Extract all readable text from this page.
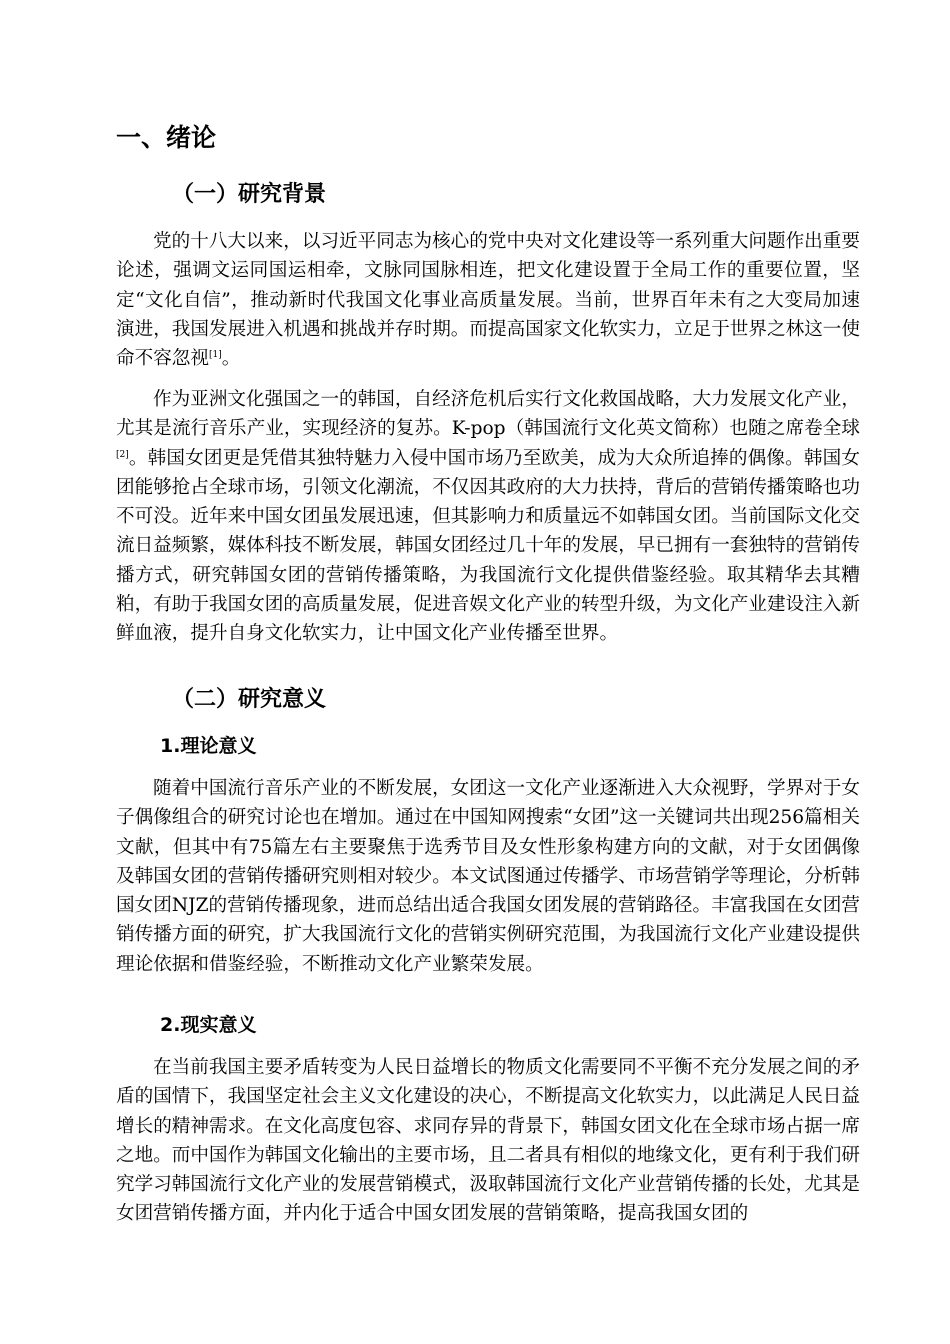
一、绪论
（一）研究背景

党的十八大以来，以习近平同志为核心的党中央对文化建设等一系列重大问题作出重要论述，强调文运同国运相牵，文脉同国脉相连，把文化建设置于全局工作的重要位置，坚定“文化自信”，推动新时代我国文化事业高质量发展。当前，世界百年未有之大变局加速演进，我国发展进入机遇和挑战并存时期。而提高国家文化软实力，立足于世界之林这一使命不容忽视[1]。

作为亚洲文化强国之一的韩国，自经济危机后实行文化救国战略，大力发展文化产业，尤其是流行音乐产业，实现经济的复苏。K-pop（韩国流行文化英文简称）也随之席卷全球[2]。韩国女团更是凭借其独特魅力入侵中国市场乃至欧美，成为大众所追捧的偶像。韩国女团能够抢占全球市场，引领文化潮流，不仅因其政府的大力扶持，背后的营销传播策略也功不可没。近年来中国女团虽发展迅速，但其影响力和质量远不如韩国女团。当前国际文化交流日益频繁，媒体科技不断发展，韩国女团经过几十年的发展，早已拥有一套独特的营销传播方式，研究韩国女团的营销传播策略，为我国流行文化提供借鉴经验。取其精华去其糟粕，有助于我国女团的高质量发展，促进音娱文化产业的转型升级，为文化产业建设注入新鲜血液，提升自身文化软实力，让中国文化产业传播至世界。

（二）研究意义
1.理论意义

随着中国流行音乐产业的不断发展，女团这一文化产业逐渐进入大众视野，学界对于女子偶像组合的研究讨论也在增加。通过在中国知网搜索“女团”这一关键词共出现256篇相关文献，但其中有75篇左右主要聚焦于选秀节目及女性形象构建方向的文献，对于女团偶像及韩国女团的营销传播研究则相对较少。本文试图通过传播学、市场营销学等理论，分析韩国女团NJZ的营销传播现象，进而总结出适合我国女团发展的营销路径。丰富我国在女团营销传播方面的研究，扩大我国流行文化的营销实例研究范围，为我国流行文化产业建设提供理论依据和借鉴经验，不断推动文化产业繁荣发展。

2.现实意义

在当前我国主要矛盾转变为人民日益增长的物质文化需要同不平衡不充分发展之间的矛盾的国情下，我国坚定社会主义文化建设的决心，不断提高文化软实力，以此满足人民日益增长的精神需求。在文化高度包容、求同存异的背景下，韩国女团文化在全球市场占据一席之地。而中国作为韩国文化输出的主要市场，且二者具有相似的地缘文化，更有利于我们研究学习韩国流行文化产业的发展营销模式，汲取韩国流行文化产业营销传播的长处，尤其是女团营销传播方面，并内化于适合中国女团发展的营销策略，提高我国女团的
